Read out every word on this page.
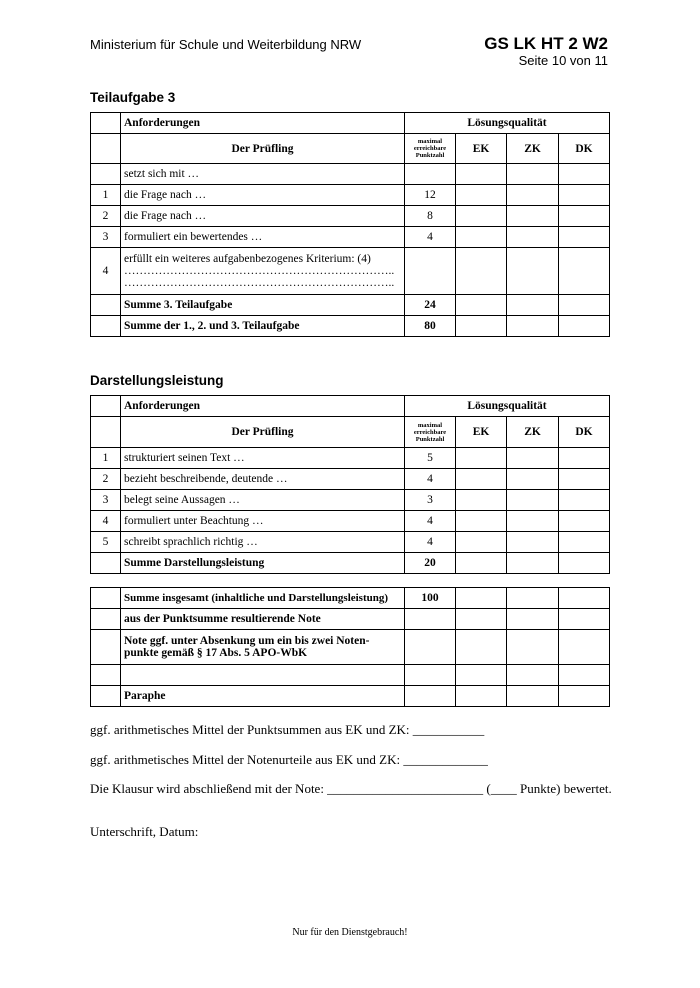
Ministerium für Schule und Weiterbildung NRW	GS LK HT 2 W2
Seite 10 von 11
Teilaufgabe 3
	Anforderungen	Lösungsqualität			
	Der Prüfling	maximal
erreichbare
Punktzahl	EK	ZK	DK
	setzt sich mit …				
1	die Frage nach …	12			
2	die Frage nach …	8			
3	formuliert ein bewertendes …	4			
4	erfüllt ein weiteres aufgabenbezogenes Kriterium: (4)
……………………………………………………………..
……………………………………………………………..				

	Summe 3. Teilaufgabe	24			
	Summe der 1., 2. und 3. Teilaufgabe	80			
Darstellungsleistung
	Anforderungen	Lösungsqualität			
	Der Prüfling	maximal
erreichbare
Punktzahl	EK	ZK	DK
1	strukturiert seinen Text …	5			
2	bezieht beschreibende, deutende …	4			
3	belegt seine Aussagen …	3			
4	formuliert unter Beachtung …	4			
5	schreibt sprachlich richtig …	4			
	Summe Darstellungsleistung	20			
	Summe insgesamt (inhaltliche und Darstellungsleistung)	100			
	aus der Punktsumme resultierende Note				

	Note ggf. unter Absenkung um ein bis zwei Noten-
punkte gemäß § 17 Abs. 5 APO-WbK				

	Paraphe				
ggf. arithmetisches Mittel der Punktsummen aus EK und ZK: ___________
ggf. arithmetisches Mittel der Notenurteile aus EK und ZK: _____________
Die Klausur wird abschließend mit der Note: ________________________ (____ Punkte) bewertet.
Unterschrift, Datum:
Nur für den Dienstgebrauch!
